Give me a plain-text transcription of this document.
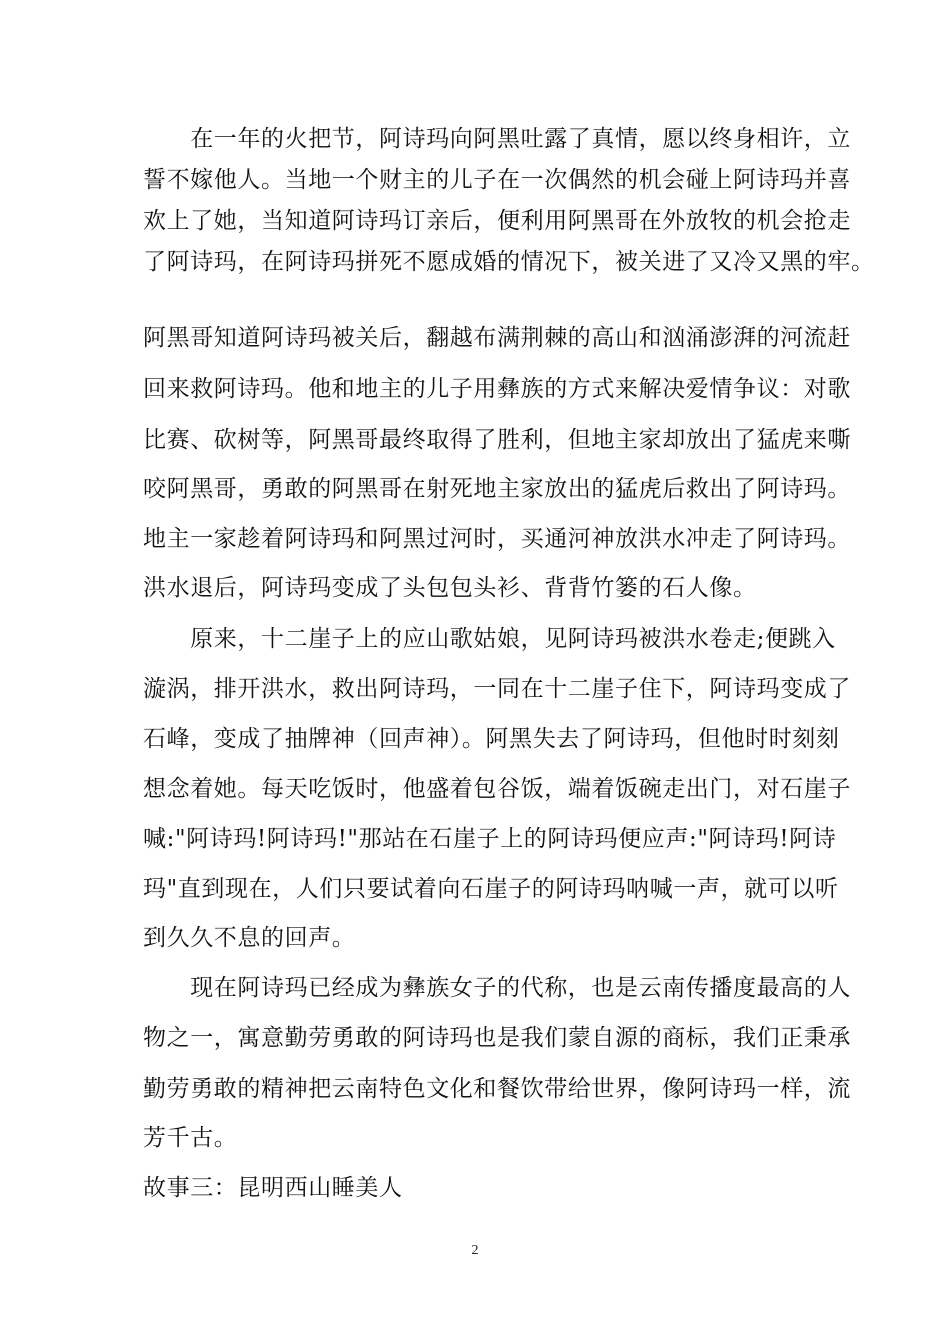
　　在一年的火把节，阿诗玛向阿黑吐露了真情，愿以终身相许，立
誓不嫁他人。当地一个财主的儿子在一次偶然的机会碰上阿诗玛并喜
欢上了她，当知道阿诗玛订亲后，便利用阿黑哥在外放牧的机会抢走
了阿诗玛，在阿诗玛拼死不愿成婚的情况下，被关进了又冷又黑的牢。
阿黑哥知道阿诗玛被关后，翻越布满荆棘的高山和汹涌澎湃的河流赶
回来救阿诗玛。他和地主的儿子用彝族的方式来解决爱情争议：对歌
比赛、砍树等，阿黑哥最终取得了胜利，但地主家却放出了猛虎来嘶
咬阿黑哥，勇敢的阿黑哥在射死地主家放出的猛虎后救出了阿诗玛。
地主一家趁着阿诗玛和阿黑过河时，买通河神放洪水冲走了阿诗玛。
洪水退后，阿诗玛变成了头包包头衫、背背竹篓的石人像。
　　原来，十二崖子上的应山歌姑娘，见阿诗玛被洪水卷走;便跳入
漩涡，排开洪水，救出阿诗玛，一同在十二崖子住下，阿诗玛变成了
石峰，变成了抽牌神（回声神）。阿黑失去了阿诗玛，但他时时刻刻
想念着她。每天吃饭时，他盛着包谷饭，端着饭碗走出门，对石崖子
喊:"阿诗玛!阿诗玛!"那站在石崖子上的阿诗玛便应声:"阿诗玛!阿诗
玛"直到现在，人们只要试着向石崖子的阿诗玛呐喊一声，就可以听
到久久不息的回声。
　　现在阿诗玛已经成为彝族女子的代称，也是云南传播度最高的人
物之一，寓意勤劳勇敢的阿诗玛也是我们蒙自源的商标，我们正秉承
勤劳勇敢的精神把云南特色文化和餐饮带给世界，像阿诗玛一样，流
芳千古。
故事三：昆明西山睡美人
2
